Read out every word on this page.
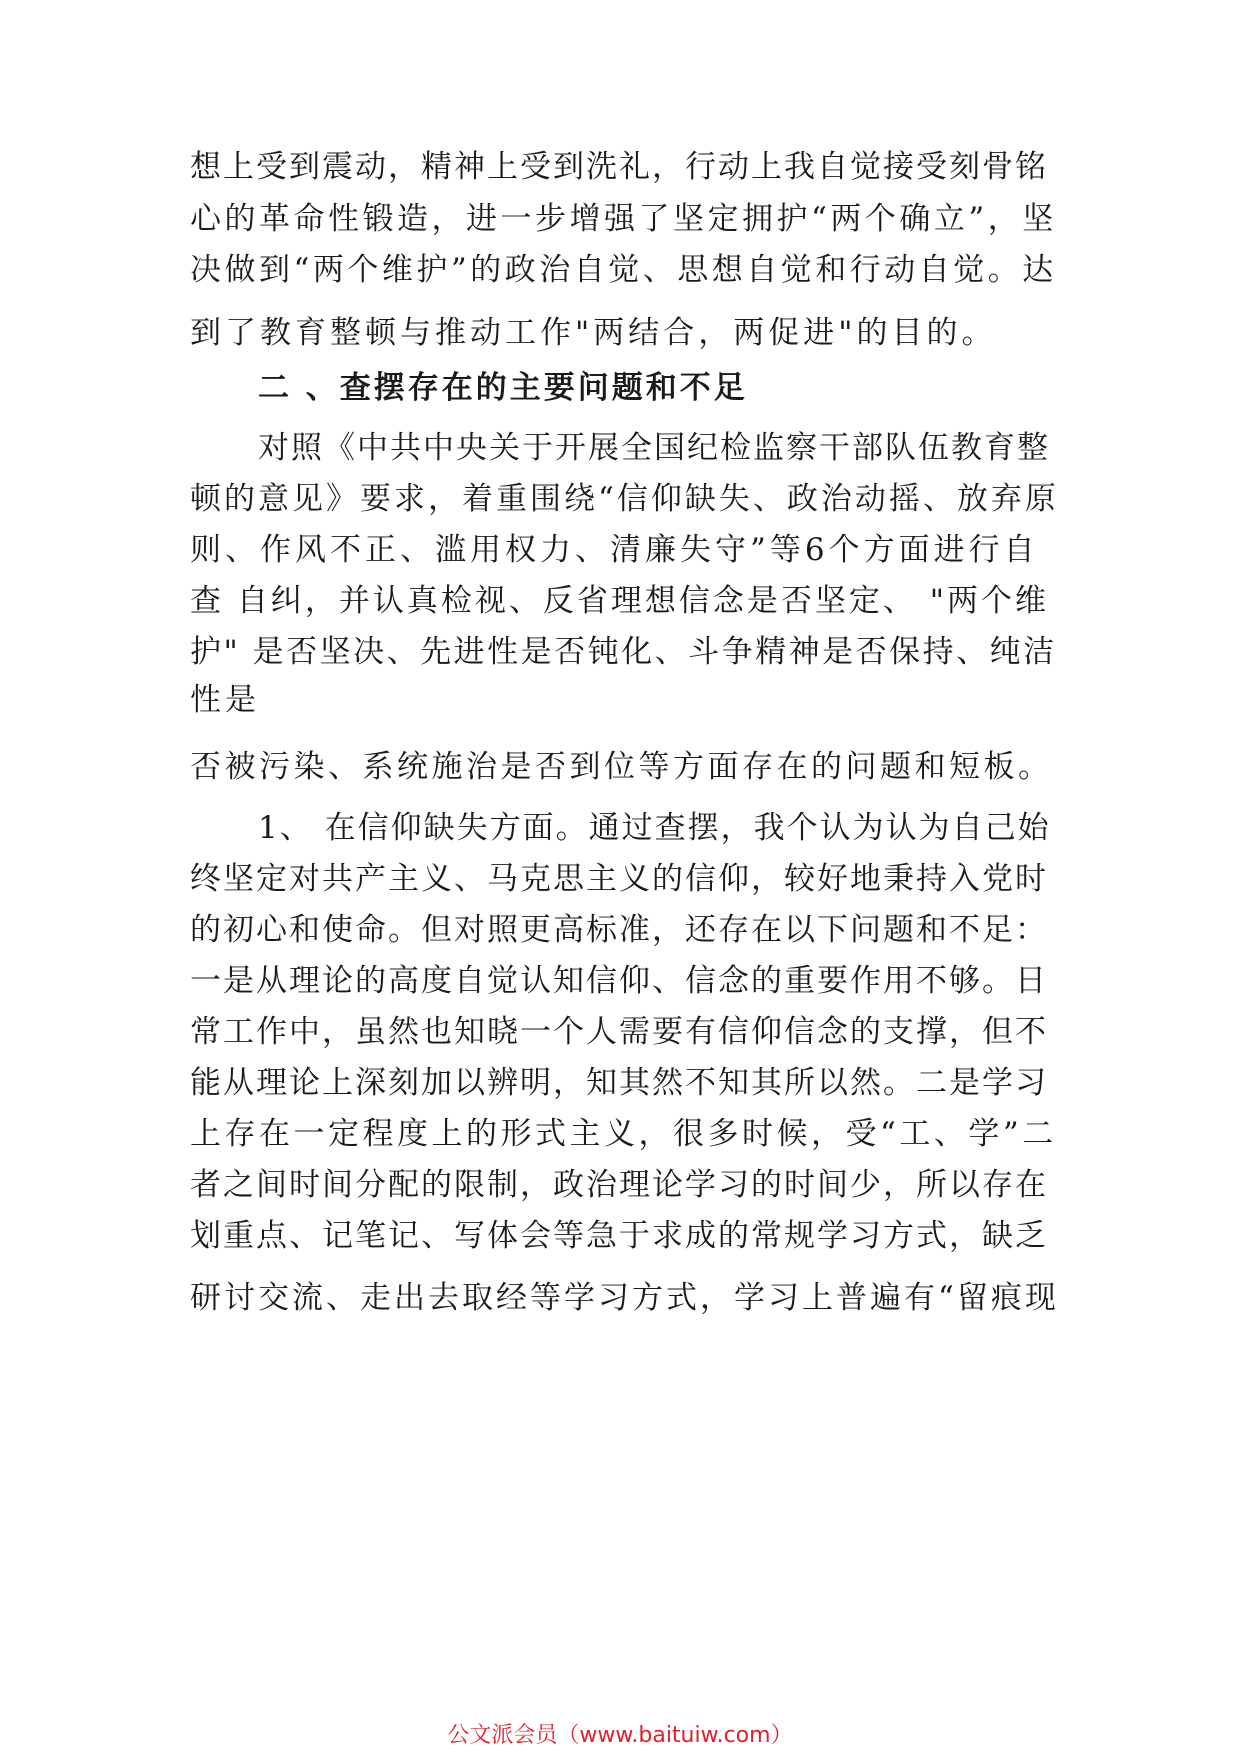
想上受到震动，精神上受到洗礼，行动上我自觉接受刻骨铭
心的革命性锻造，进一步增强了坚定拥护“两个确立”，坚
决做到“两个维护”的政治自觉、思想自觉和行动自觉。达
到了教育整顿与推动工作"两结合，两促进"的目的。
二 、查摆存在的主要问题和不足
对照《中共中央关于开展全国纪检监察干部队伍教育整
顿的意见》要求，着重围绕“信仰缺失、政治动摇、放弃原
则、作风不正、滥用权力、清廉失守”等6个方面进行自
查 自纠，并认真检视、反省理想信念是否坚定、 "两个维
护" 是否坚决、先进性是否钝化、斗争精神是否保持、纯洁
性是
否被污染、系统施治是否到位等方面存在的问题和短板。
1、 在信仰缺失方面。通过查摆，我个认为认为自己始
终坚定对共产主义、马克思主义的信仰，较好地秉持入党时
的初心和使命。但对照更高标准，还存在以下问题和不足：
一是从理论的高度自觉认知信仰、信念的重要作用不够。日
常工作中，虽然也知晓一个人需要有信仰信念的支撑，但不
能从理论上深刻加以辨明，知其然不知其所以然。二是学习
上存在一定程度上的形式主义，很多时候，受“工、学”二
者之间时间分配的限制，政治理论学习的时间少，所以存在
划重点、记笔记、写体会等急于求成的常规学习方式，缺乏
研讨交流、走出去取经等学习方式，学习上普遍有“留痕现
公文派会员（www.baituiw.com）
